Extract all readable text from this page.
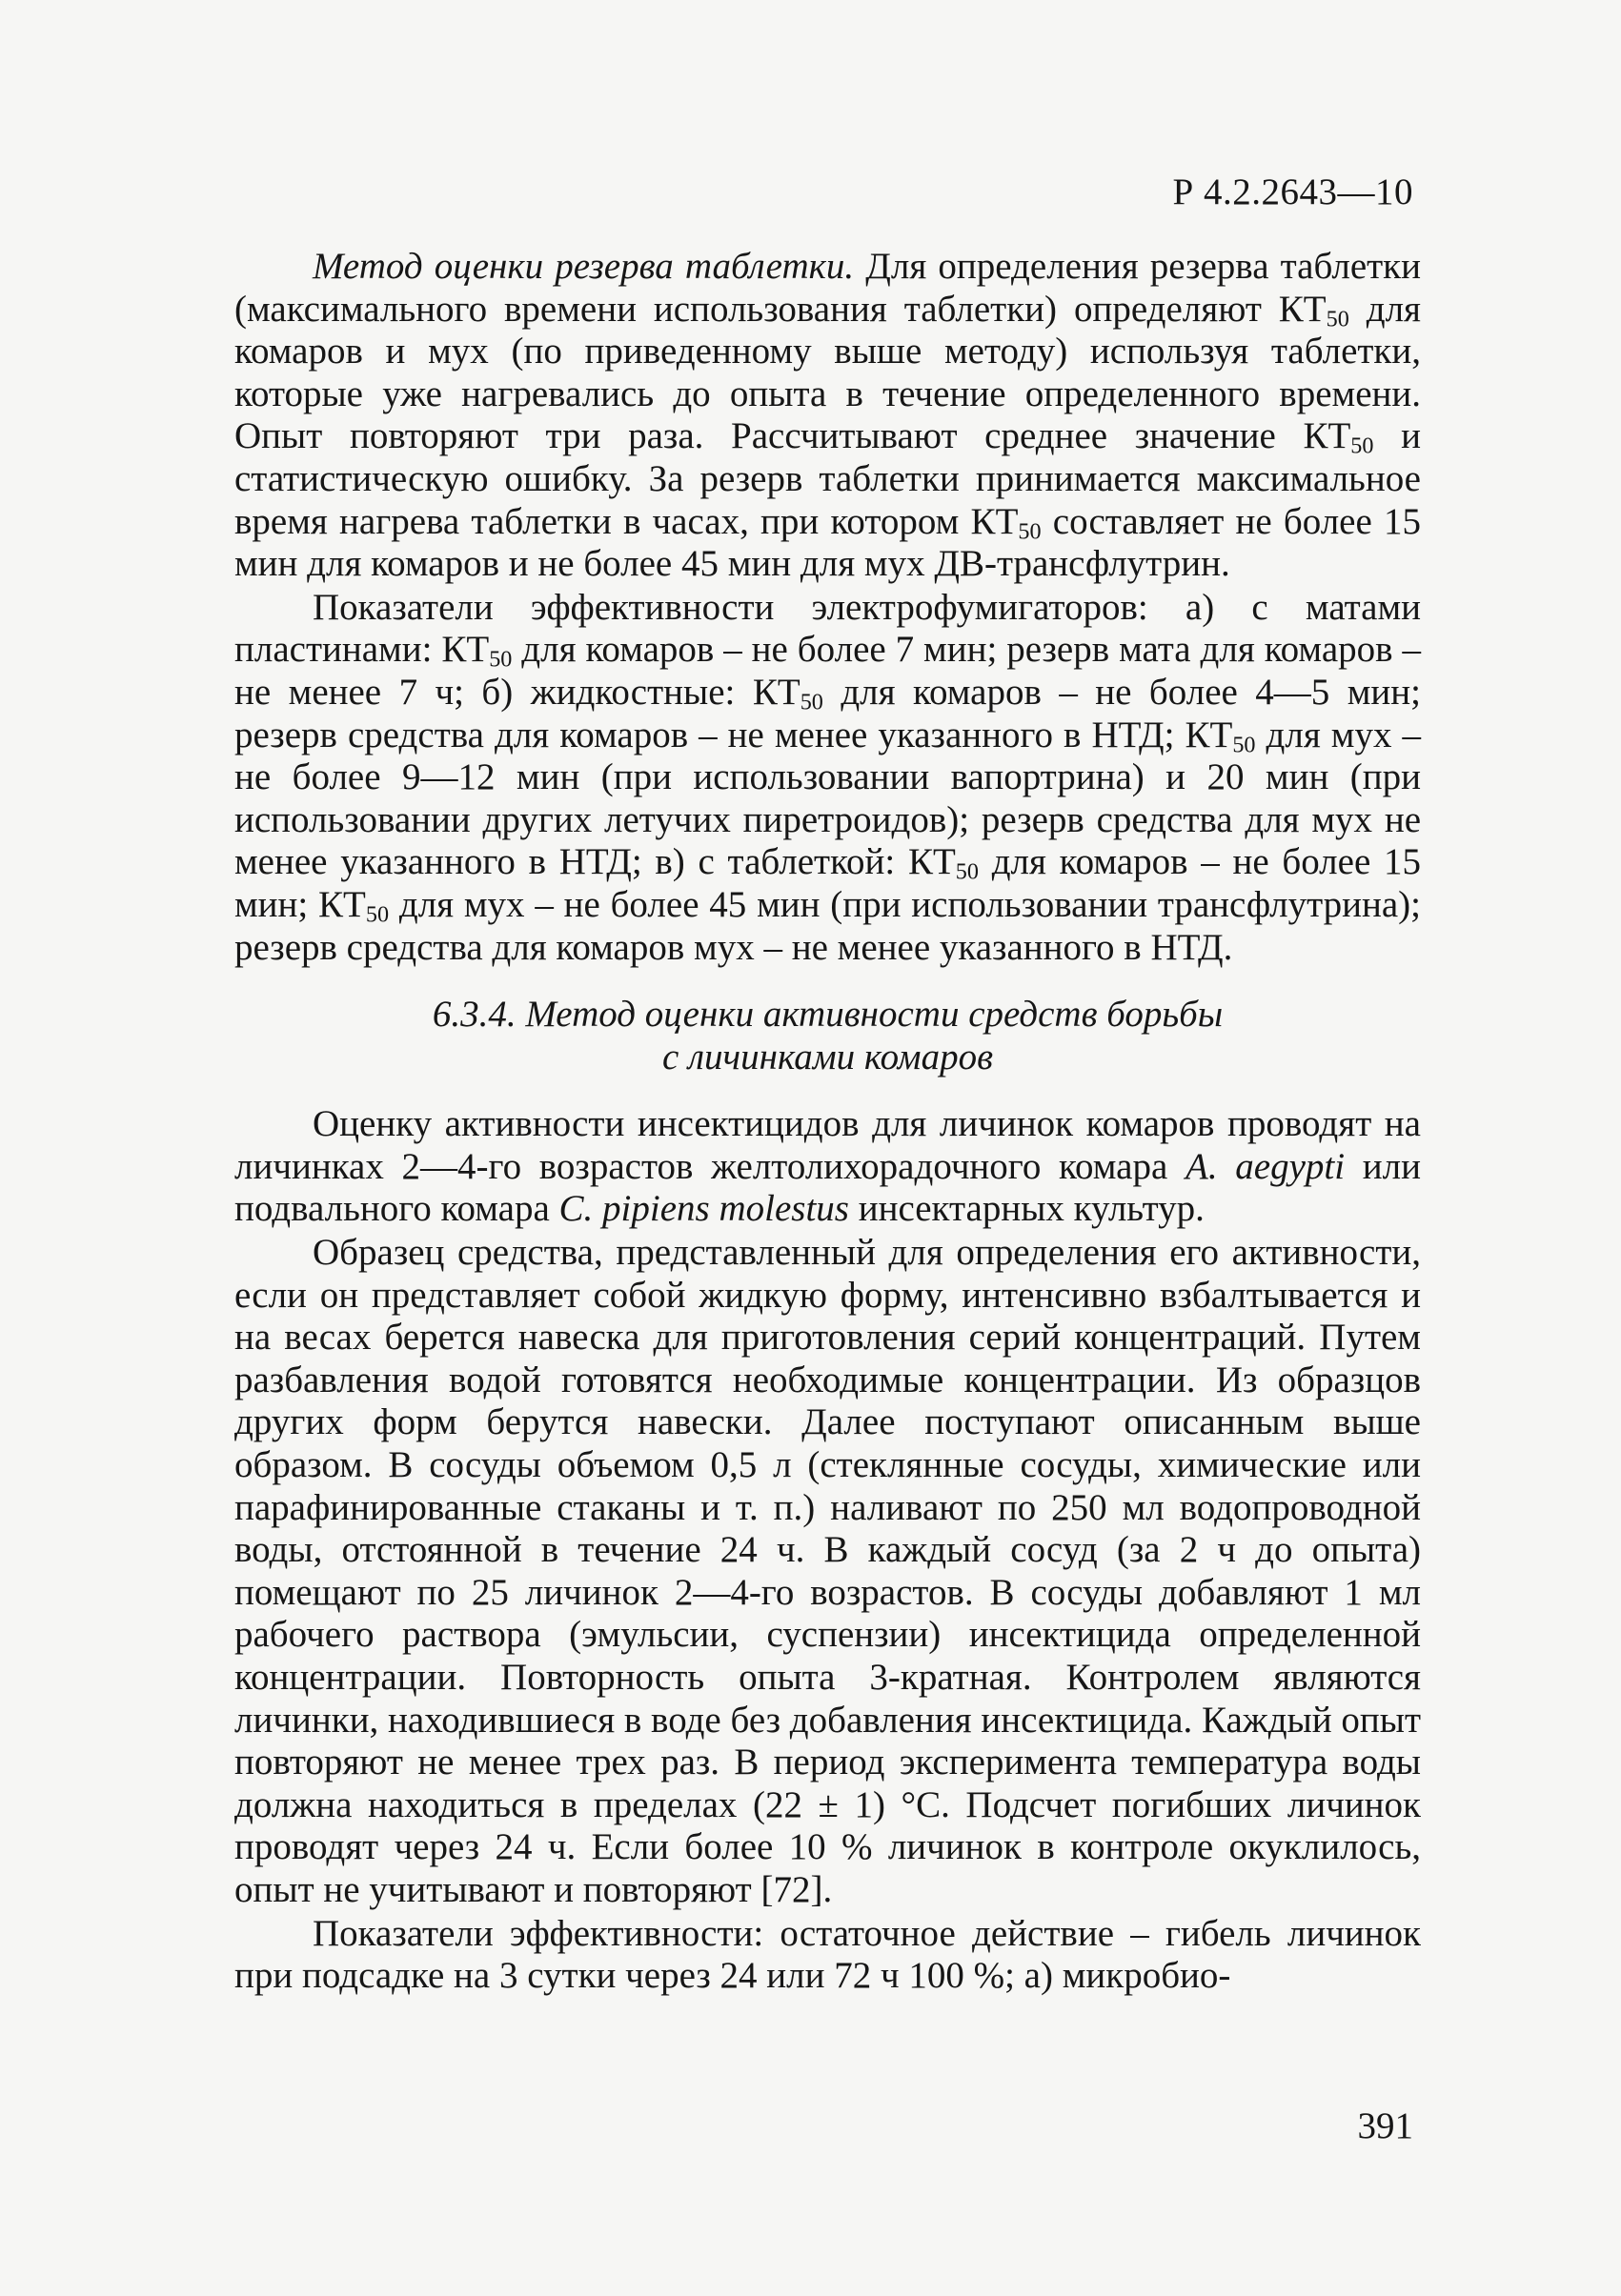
Р 4.2.2643—10

Метод оценки резерва таблетки. Для определения резерва таблетки (максимального времени использования таблетки) определяют $КТ_{50}$ для комаров и мух (по приведенному выше методу) используя таблетки, которые уже нагревались до опыта в течение определенного времени. Опыт повторяют три раза. Рассчитывают среднее значение $КТ_{50}$ и статистическую ошибку. За резерв таблетки принимается максимальное время нагрева таблетки в часах, при котором $КТ_{50}$ составляет не более 15 мин для комаров и не более 45 мин для мух ДВ-трансфлутрин.

Показатели эффективности электрофумигаторов: а) с матами пластинами: $КТ_{50}$ для комаров – не более 7 мин; резерв мата для комаров – не менее 7 ч; б) жидкостные: $КТ_{50}$ для комаров – не более 4—5 мин; резерв средства для комаров – не менее указанного в НТД; $КТ_{50}$ для мух – не более 9—12 мин (при использовании вапортрина) и 20 мин (при использовании других летучих пиретроидов); резерв средства для мух не менее указанного в НТД; в) с таблеткой: $КТ_{50}$ для комаров – не более 15 мин; $КТ_{50}$ для мух – не более 45 мин (при использовании трансфлутрина); резерв средства для комаров мух – не менее указанного в НТД.

6.3.4. Метод оценки активности средств борьбы
с личинками комаров

Оценку активности инсектицидов для личинок комаров проводят на личинках 2—4-го возрастов желтолихорадочного комара A. aegypti или подвального комара C. pipiens molestus инсектарных культур.

Образец средства, представленный для определения его активности, если он представляет собой жидкую форму, интенсивно взбалтывается и на весах берется навеска для приготовления серий концентраций. Путем разбавления водой готовятся необходимые концентрации. Из образцов других форм берутся навески. Далее поступают описанным выше образом. В сосуды объемом 0,5 л (стеклянные сосуды, химические или парафинированные стаканы и т. п.) наливают по 250 мл водопроводной воды, отстоянной в течение 24 ч. В каждый сосуд (за 2 ч до опыта) помещают по 25 личинок 2—4-го возрастов. В сосуды добавляют 1 мл рабочего раствора (эмульсии, суспензии) инсектицида определенной концентрации. Повторность опыта 3-кратная. Контролем являются личинки, находившиеся в воде без добавления инсектицида. Каждый опыт повторяют не менее трех раз. В период эксперимента температура воды должна находиться в пределах (22 ± 1) °С. Подсчет погибших личинок проводят через 24 ч. Если более 10 % личинок в контроле окуклилось, опыт не учитывают и повторяют [72].

Показатели эффективности: остаточное действие – гибель личинок при подсадке на 3 сутки через 24 или 72 ч 100 %; а) микробио-

391
